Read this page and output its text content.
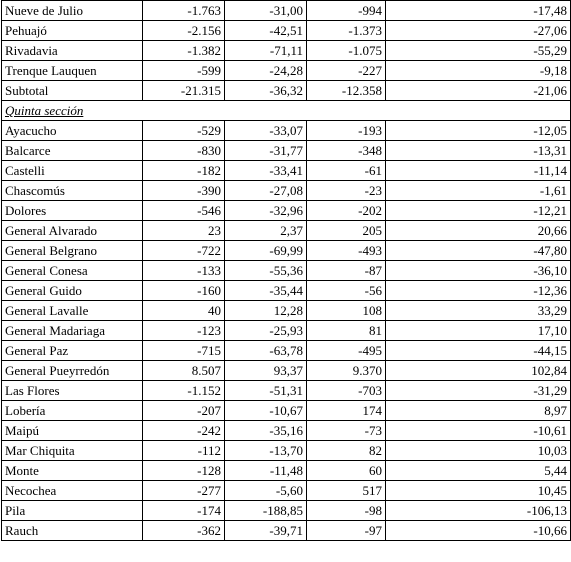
Nueve de Julio	-1.763	-31,00	-994	-17,48
Pehuajó	-2.156	-42,51	-1.373	-27,06
Rivadavia	-1.382	-71,11	-1.075	-55,29
Trenque Lauquen	-599	-24,28	-227	-9,18
Subtotal	-21.315	-36,32	-12.358	-21,06
Quinta sección				
Ayacucho	-529	-33,07	-193	-12,05
Balcarce	-830	-31,77	-348	-13,31
Castelli	-182	-33,41	-61	-11,14
Chascomús	-390	-27,08	-23	-1,61
Dolores	-546	-32,96	-202	-12,21
General Alvarado	23	2,37	205	20,66
General Belgrano	-722	-69,99	-493	-47,80
General Conesa	-133	-55,36	-87	-36,10
General Guido	-160	-35,44	-56	-12,36
General Lavalle	40	12,28	108	33,29
General Madariaga	-123	-25,93	81	17,10
General Paz	-715	-63,78	-495	-44,15
General Pueyrredón	8.507	93,37	9.370	102,84
Las Flores	-1.152	-51,31	-703	-31,29
Lobería	-207	-10,67	174	8,97
Maipú	-242	-35,16	-73	-10,61
Mar Chiquita	-112	-13,70	82	10,03
Monte	-128	-11,48	60	5,44
Necochea	-277	-5,60	517	10,45
Pila	-174	-188,85	-98	-106,13
Rauch	-362	-39,71	-97	-10,66
